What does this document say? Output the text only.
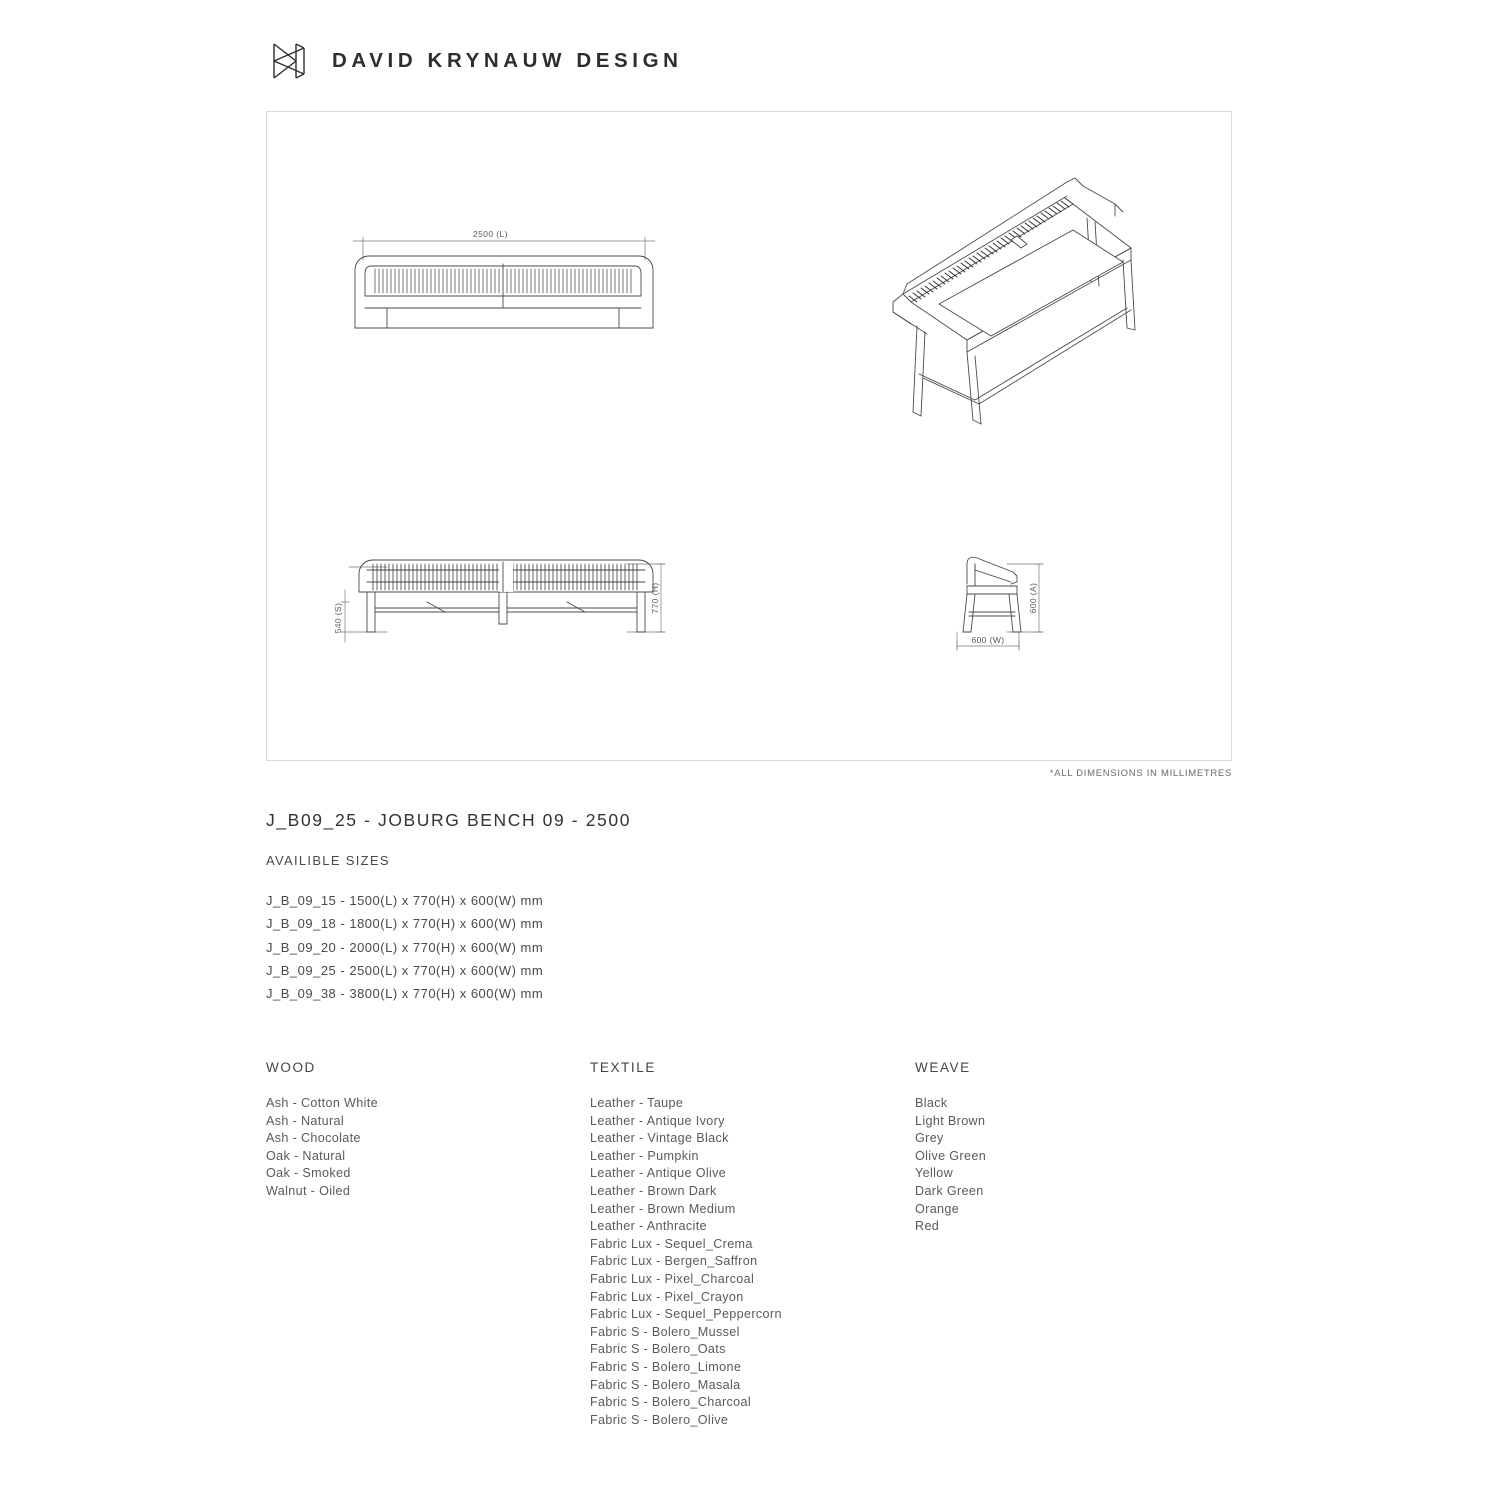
DAVID KRYNAUW DESIGN
2500 (L)
540 (S)
770 (H)	600 (A)
600 (W)
*ALL DIMENSIONS IN MILLIMETRES
J_B09_25 - JOBURG BENCH 09 - 2500
AVAILIBLE SIZES
J_B_09_15 - 1500(L) x 770(H) x 600(W) mm
J_B_09_18 - 1800(L) x 770(H) x 600(W) mm
J_B_09_20 - 2000(L) x 770(H) x 600(W) mm
J_B_09_25 - 2500(L) x 770(H) x 600(W) mm
J_B_09_38 - 3800(L) x 770(H) x 600(W) mm
WOOD
Ash - Cotton White
Ash - Natural
Ash - Chocolate
Oak - Natural
Oak - Smoked
Walnut - Oiled
TEXTILE
Leather - Taupe
Leather - Antique Ivory
Leather - Vintage Black
Leather - Pumpkin
Leather - Antique Olive
Leather - Brown Dark
Leather - Brown Medium
Leather - Anthracite
Fabric Lux - Sequel_Crema
Fabric Lux - Bergen_Saffron
Fabric Lux - Pixel_Charcoal
Fabric Lux - Pixel_Crayon
Fabric Lux - Sequel_Peppercorn
Fabric S - Bolero_Mussel
Fabric S - Bolero_Oats
Fabric S - Bolero_Limone
Fabric S - Bolero_Masala
Fabric S - Bolero_Charcoal
Fabric S - Bolero_Olive
WEAVE
Black
Light Brown
Grey
Olive Green
Yellow
Dark Green
Orange
Red
